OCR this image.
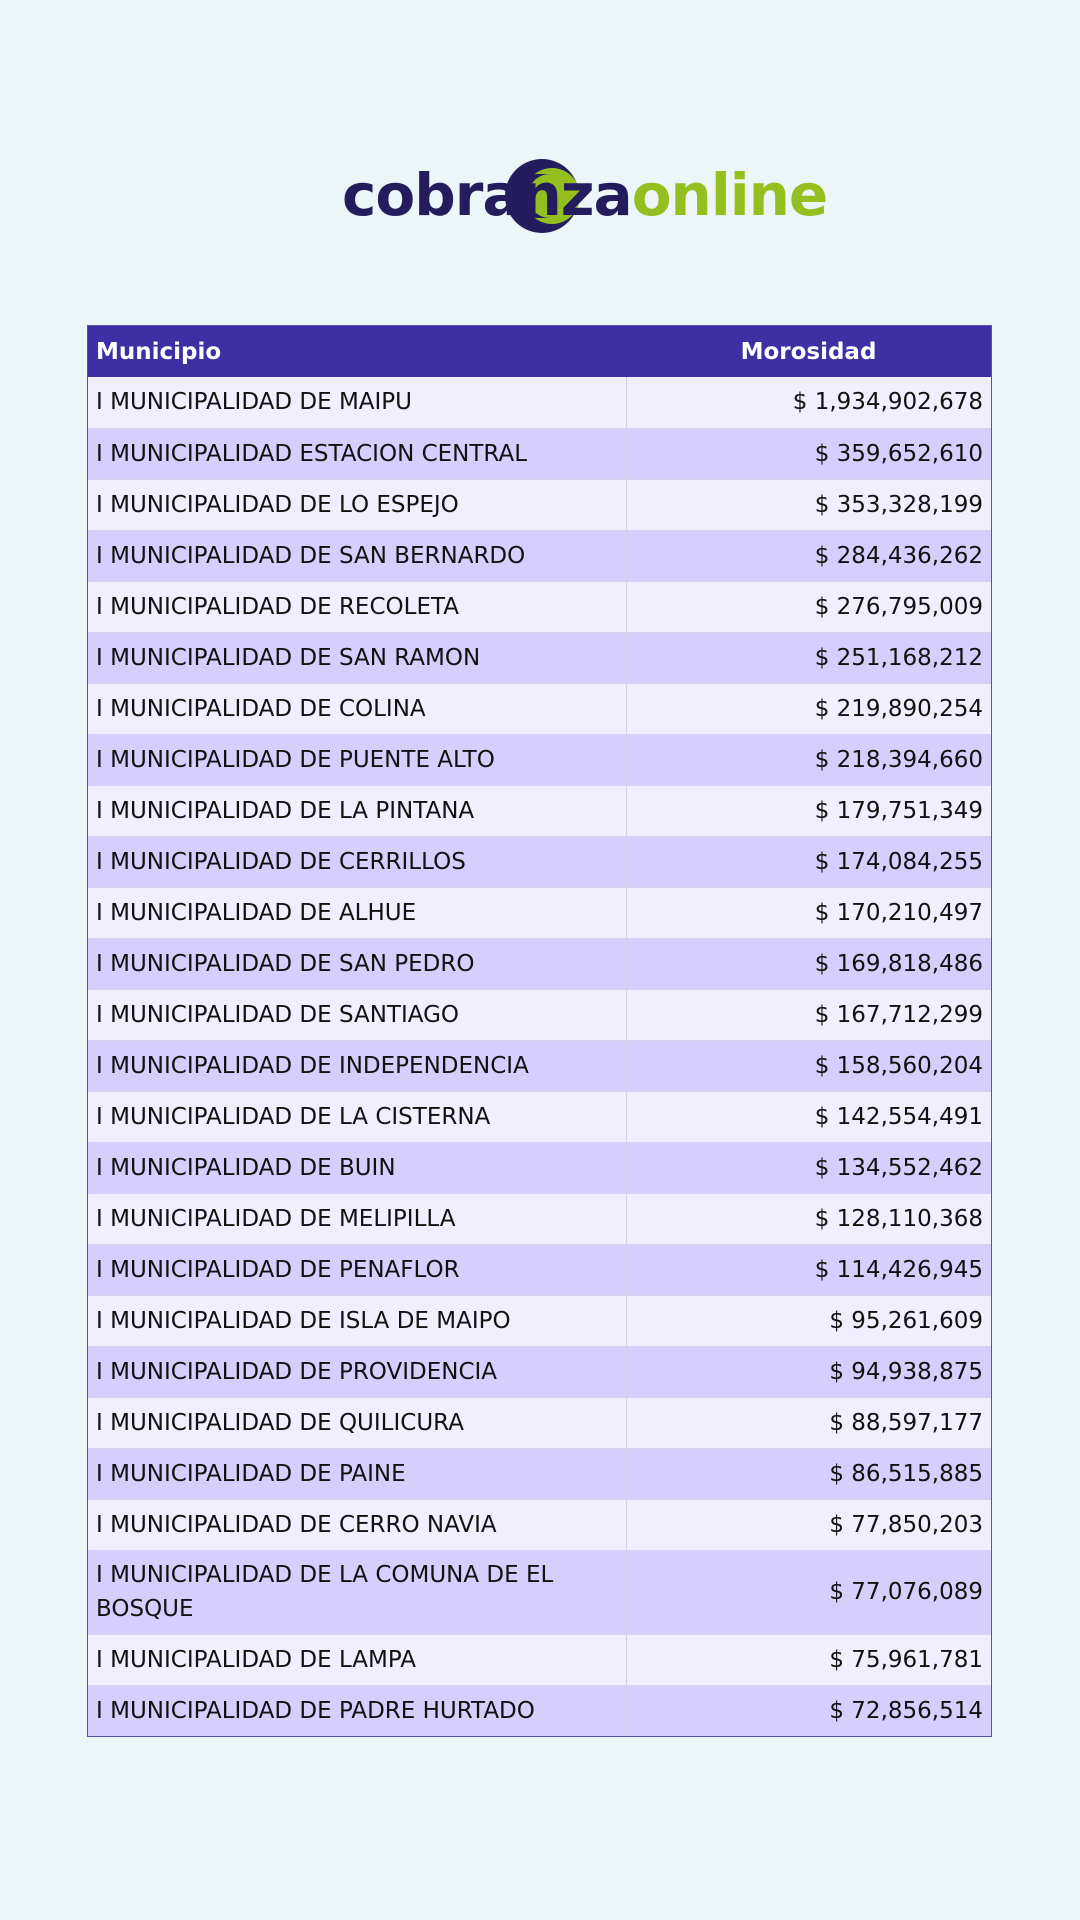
cobranzaonline
Municipio	Morosidad
I MUNICIPALIDAD DE MAIPU	$ 1,934,902,678
I MUNICIPALIDAD ESTACION CENTRAL	$ 359,652,610
I MUNICIPALIDAD DE LO ESPEJO	$ 353,328,199
I MUNICIPALIDAD DE SAN BERNARDO	$ 284,436,262
I MUNICIPALIDAD DE RECOLETA	$ 276,795,009
I MUNICIPALIDAD DE SAN RAMON	$ 251,168,212
I MUNICIPALIDAD DE COLINA	$ 219,890,254
I MUNICIPALIDAD DE PUENTE ALTO	$ 218,394,660
I MUNICIPALIDAD DE LA PINTANA	$ 179,751,349
I MUNICIPALIDAD DE CERRILLOS	$ 174,084,255
I MUNICIPALIDAD DE ALHUE	$ 170,210,497
I MUNICIPALIDAD DE SAN PEDRO	$ 169,818,486
I MUNICIPALIDAD DE SANTIAGO	$ 167,712,299
I MUNICIPALIDAD DE INDEPENDENCIA	$ 158,560,204
I MUNICIPALIDAD DE LA CISTERNA	$ 142,554,491
I MUNICIPALIDAD DE BUIN	$ 134,552,462
I MUNICIPALIDAD DE MELIPILLA	$ 128,110,368
I MUNICIPALIDAD DE PENAFLOR	$ 114,426,945
I MUNICIPALIDAD DE ISLA DE MAIPO	$ 95,261,609
I MUNICIPALIDAD DE PROVIDENCIA	$ 94,938,875
I MUNICIPALIDAD DE QUILICURA	$ 88,597,177
I MUNICIPALIDAD DE PAINE	$ 86,515,885
I MUNICIPALIDAD DE CERRO NAVIA	$ 77,850,203
I MUNICIPALIDAD DE LA COMUNA DE EL BOSQUE	$ 77,076,089
I MUNICIPALIDAD DE LAMPA	$ 75,961,781
I MUNICIPALIDAD DE PADRE HURTADO	$ 72,856,514
